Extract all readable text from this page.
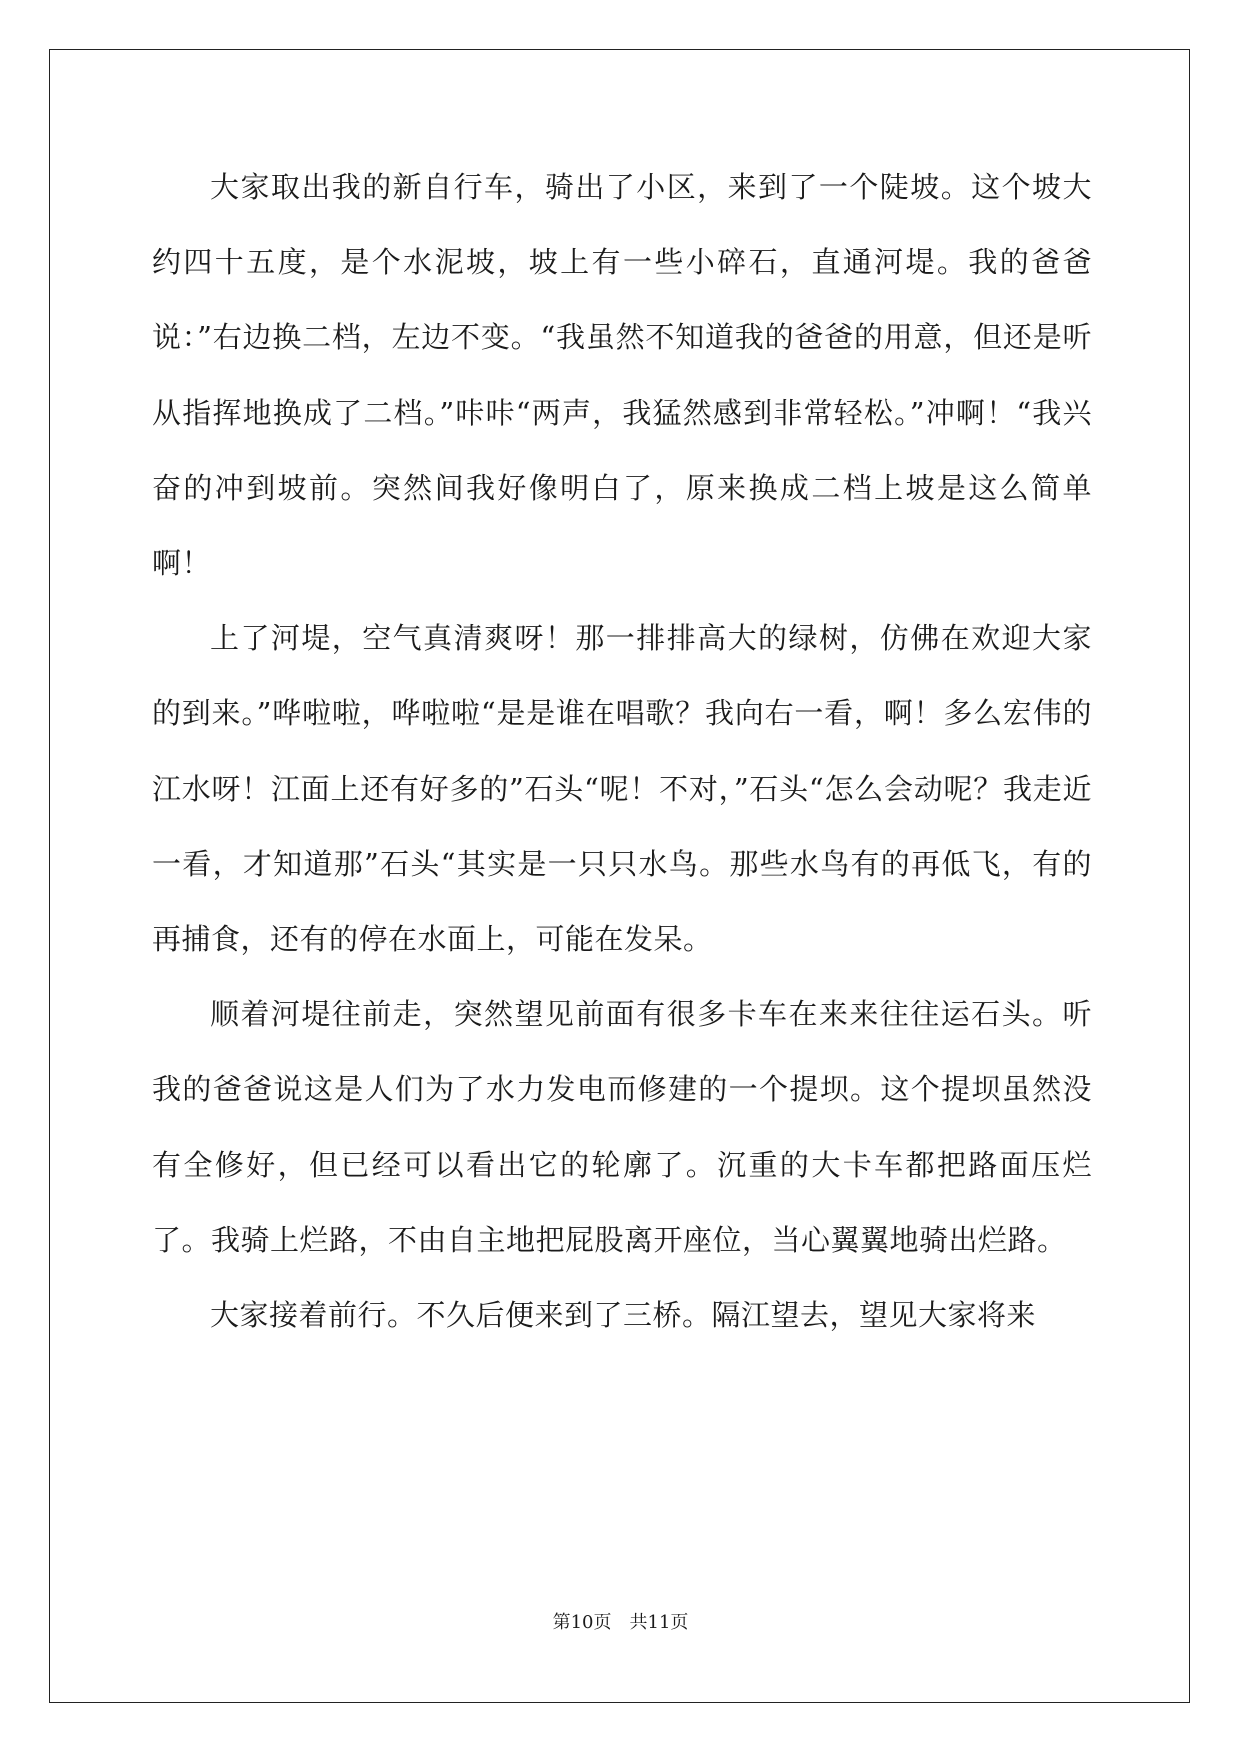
大家取出我的新自行车，骑出了小区，来到了一个陡坡。这个坡大约四十五度，是个水泥坡，坡上有一些小碎石，直通河堤。我的爸爸说：”右边换二档，左边不变。“我虽然不知道我的爸爸的用意，但还是听从指挥地换成了二档。”咔咔“两声，我猛然感到非常轻松。”冲啊！“我兴奋的冲到坡前。突然间我好像明白了，原来换成二档上坡是这么简单啊！

上了河堤，空气真清爽呀！那一排排高大的绿树，仿佛在欢迎大家的到来。”哗啦啦，哗啦啦“是是谁在唱歌？我向右一看，啊！多么宏伟的江水呀！江面上还有好多的”石头“呢！不对，”石头“怎么会动呢？我走近一看，才知道那”石头“其实是一只只水鸟。那些水鸟有的再低飞，有的再捕食，还有的停在水面上，可能在发呆。

顺着河堤往前走，突然望见前面有很多卡车在来来往往运石头。听我的爸爸说这是人们为了水力发电而修建的一个提坝。这个提坝虽然没有全修好，但已经可以看出它的轮廓了。沉重的大卡车都把路面压烂了。我骑上烂路，不由自主地把屁股离开座位，当心翼翼地骑出烂路。

大家接着前行。不久后便来到了三桥。隔江望去，望见大家将来

第10页 共11页
